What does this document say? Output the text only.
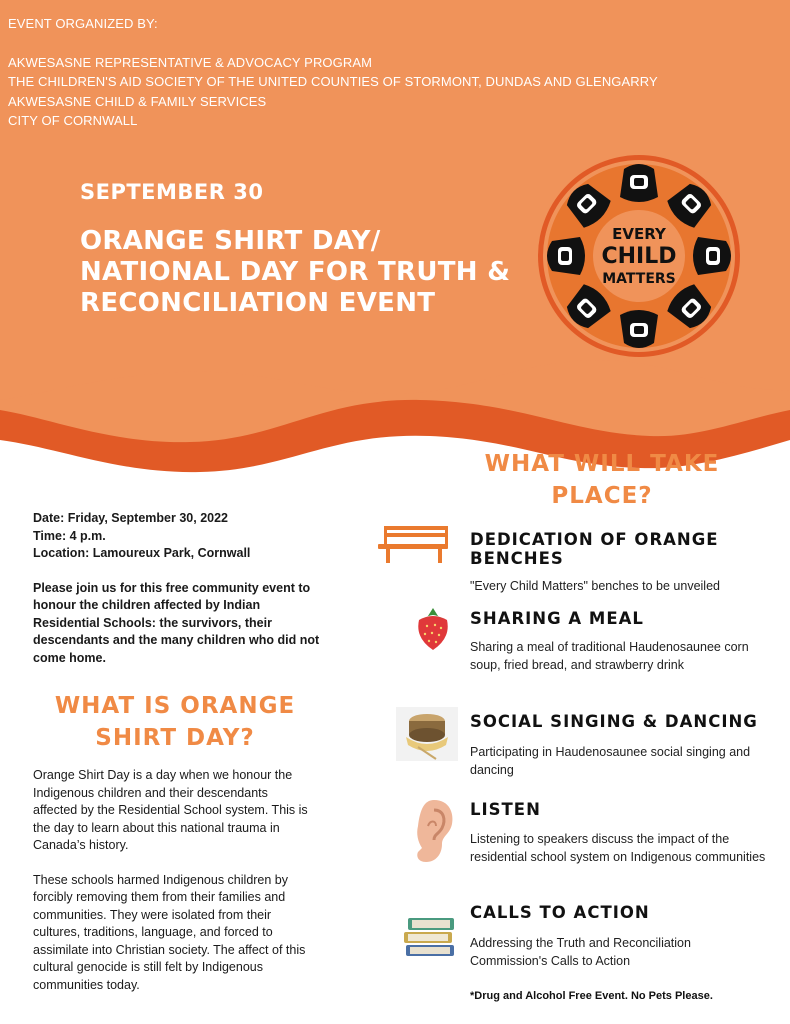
EVENT ORGANIZED BY:
AKWESASNE REPRESENTATIVE & ADVOCACY PROGRAM
THE CHILDREN'S AID SOCIETY OF THE UNITED COUNTIES OF STORMONT, DUNDAS AND GLENGARRY
AKWESASNE CHILD & FAMILY SERVICES
CITY OF CORNWALL
SEPTEMBER 30
ORANGE SHIRT DAY/
NATIONAL DAY FOR TRUTH &
RECONCILIATION EVENT
EVERY
CHILD
MATTERS
Date: Friday, September 30, 2022
Time: 4 p.m.
Location: Lamoureux Park, Cornwall
Please join us for this free community event to honour the children affected by Indian Residential Schools: the survivors, their descendants and the many children who did not come home.
WHAT IS ORANGE
SHIRT DAY?

Orange Shirt Day is a day when we honour the Indigenous children and their descendants affected by the Residential School system. This is the day to learn about this national trauma in Canada’s history.

These schools harmed Indigenous children by forcibly removing them from their families and communities. They were isolated from their cultures, traditions, language, and forced to assimilate into Christian society. The affect of this cultural genocide is still felt by Indigenous communities today.

WHAT WILL TAKE
PLACE?
DEDICATION OF ORANGE BENCHES
"Every Child Matters" benches to be unveiled
SHARING A MEAL
Sharing a meal of traditional Haudenosaunee corn soup, fried bread, and strawberry drink
SOCIAL SINGING & DANCING
Participating in Haudenosaunee social singing and dancing
LISTEN
Listening to speakers discuss the impact of the residential school system on Indigenous communities
CALLS TO ACTION
Addressing the Truth and Reconciliation Commission's Calls to Action
*Drug and Alcohol Free Event. No Pets Please.
